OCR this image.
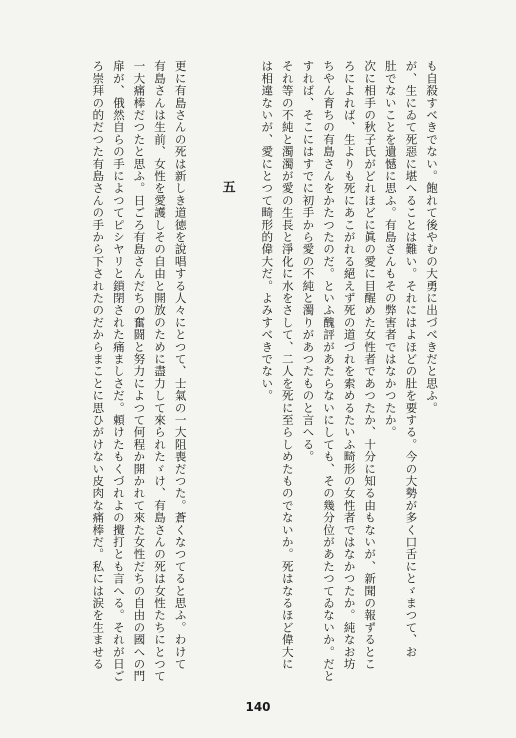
も自殺すべきでない。飽れて後やむの大勇に出づべきだと思ふ。
が、生にゐて死惡に堪へることは難い。それにはよほどの肚を要する。今の大勢が多く口舌にとゞまつて、お
肚でないことを遺憾に思ふ。有島さんもその弊害者ではなかつたか。
次に相手の秋子氏がどれほどに眞の愛に目醒めた女性者であつたか、十分に知る由もないが、新聞の報ずるとこ
ろによれば、生よりも死にあこがれる絕えず死の道づれを索めるたいふ畸形の女性者ではなかつたか。純なお坊
ちやん育ちの有島さんをかたつたのだ。といふ醜評があたらないにしても、その幾分位があたつてゐないか。だと
すれば、そこにはすでに初手から愛の不純と濁りがあつたものと言へる。
それ等の不純と濁濁が愛の生長と淨化に水をさして、二人を死に至らしめたものでないか。死はなるほど偉大に
は相違ないが、愛にとつて畸形的偉大だ。よみすべきでない。
五
更に有島さんの死は新しき道徳を說唱する人々にとつて、士氣の一大阻喪だつた。蒼くなつてると思ふ。わけて
有島さんは生前、女性を愛護しその自由と開放のために盡力して來られたゞけ、有島さんの死は女性たちにとつて
一大痛棒だつたと思ふ。日ごろ有島さんだちの奮闘と努力によつて何程か開かれて來た女性だちの自由の國への門
扉が、俄然自らの手によつてピシヤリと鎖閉された痛ましさだ。頼けたもくづれよの攪打とも言へる。それが日ご
ろ崇拜の的だつた有島さんの手から下されたのだからまことに思ひがけない皮肉な痛棒だ。私には涙を生ませる
140
